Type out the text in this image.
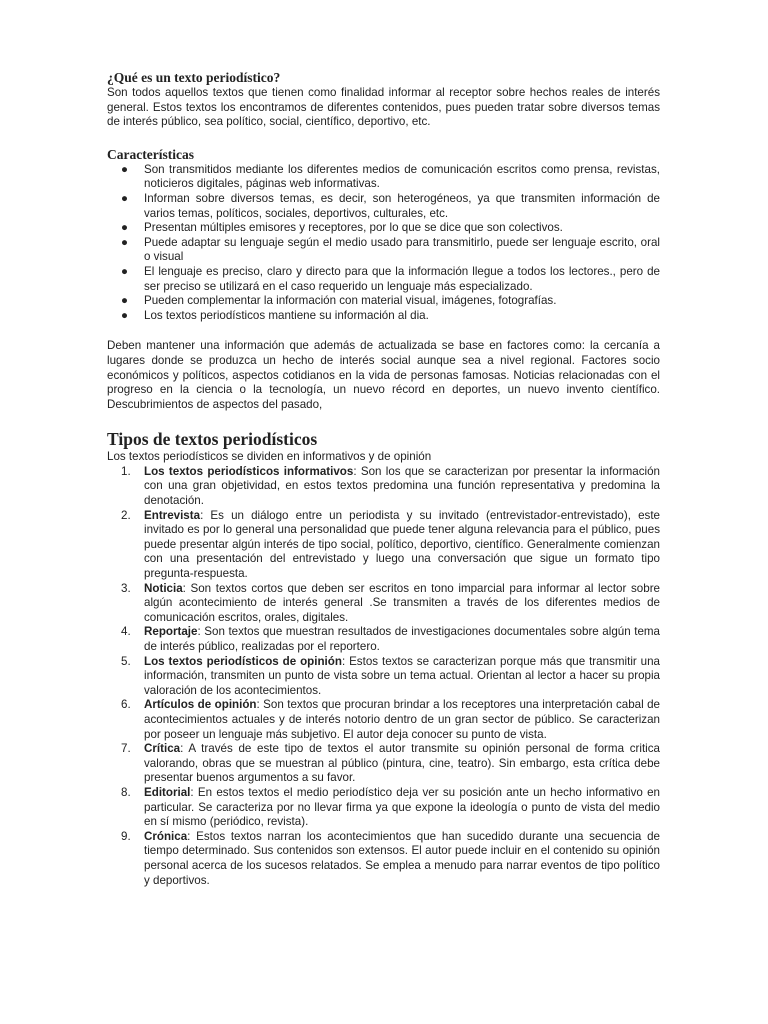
¿Qué es un texto periodístico?

Son todos aquellos textos que tienen como finalidad informar al receptor sobre hechos reales de interés general. Estos textos los encontramos de diferentes contenidos, pues pueden tratar sobre diversos temas de interés público, sea político, social, científico, deportivo, etc.

Características
● Son transmitidos mediante los diferentes medios de comunicación escritos como prensa, revistas, noticieros digitales, páginas web informativas.
● Informan sobre diversos temas, es decir, son heterogéneos, ya que transmiten información de varios temas, políticos, sociales, deportivos, culturales, etc.
● Presentan múltiples emisores y receptores, por lo que se dice que son colectivos.
● Puede adaptar su lenguaje según el medio usado para transmitirlo, puede ser lenguaje escrito, oral o visual
● El lenguaje es preciso, claro y directo para que la información llegue a todos los lectores., pero de ser preciso se utilizará en el caso requerido un lenguaje más especializado.
● Pueden complementar la información con material visual, imágenes, fotografías.
● Los textos periodísticos mantiene su información al dia.

Deben mantener una información que además de actualizada se base en factores como: la cercanía a lugares donde se produzca un hecho de interés social aunque sea a nivel regional. Factores socio económicos y políticos, aspectos cotidianos en la vida de personas famosas. Noticias relacionadas con el progreso en la ciencia o la tecnología, un nuevo récord en deportes, un nuevo invento científico. Descubrimientos de aspectos del pasado,

Tipos de textos periodísticos

Los textos periodísticos se dividen en informativos y de opinión

1. Los textos periodísticos informativos: Son los que se caracterizan por presentar la información con una gran objetividad, en estos textos predomina una función representativa y predomina la denotación.
2. Entrevista: Es un diálogo entre un periodista y su invitado (entrevistador-entrevistado), este invitado es por lo general una personalidad que puede tener alguna relevancia para el público, pues puede presentar algún interés de tipo social, político, deportivo, científico. Generalmente comienzan con una presentación del entrevistado y luego una conversación que sigue un formato tipo pregunta-respuesta.
3. Noticia: Son textos cortos que deben ser escritos en tono imparcial para informar al lector sobre algún acontecimiento de interés general .Se transmiten a través de los diferentes medios de comunicación escritos, orales, digitales.
4. Reportaje: Son textos que muestran resultados de investigaciones documentales sobre algún tema de interés público, realizadas por el reportero.
5. Los textos periodísticos de opinión: Estos textos se caracterizan porque más que transmitir una información, transmiten un punto de vista sobre un tema actual. Orientan al lector a hacer su propia valoración de los acontecimientos.
6. Artículos de opinión: Son textos que procuran brindar a los receptores una interpretación cabal de acontecimientos actuales y de interés notorio dentro de un gran sector de público. Se caracterizan por poseer un lenguaje más subjetivo. El autor deja conocer su punto de vista.
7. Crítica: A través de este tipo de textos el autor transmite su opinión personal de forma critica valorando, obras que se muestran al público (pintura, cine, teatro). Sin embargo, esta crítica debe presentar buenos argumentos a su favor.
8. Editorial: En estos textos el medio periodístico deja ver su posición ante un hecho informativo en particular. Se caracteriza por no llevar firma ya que expone la ideología o punto de vista del medio en sí mismo (periódico, revista).
9. Crónica: Estos textos narran los acontecimientos que han sucedido durante una secuencia de tiempo determinado. Sus contenidos son extensos. El autor puede incluir en el contenido su opinión personal acerca de los sucesos relatados. Se emplea a menudo para narrar eventos de tipo político y deportivos.
